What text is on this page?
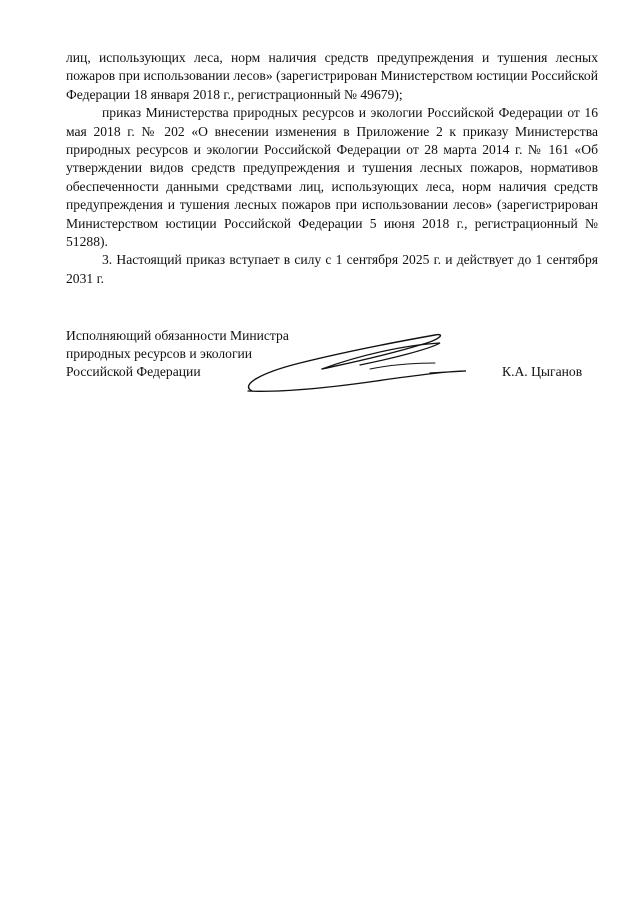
лиц, использующих леса, норм наличия средств предупреждения и тушения лесных пожаров при использовании лесов» (зарегистрирован Министерством юстиции Российской Федерации 18 января 2018 г., регистрационный № 49679);

приказ Министерства природных ресурсов и экологии Российской Федерации от 16 мая 2018 г. № 202 «О внесении изменения в Приложение 2 к приказу Министерства природных ресурсов и экологии Российской Федерации от 28 марта 2014 г. № 161 «Об утверждении видов средств предупреждения и тушения лесных пожаров, нормативов обеспеченности данными средствами лиц, использующих леса, норм наличия средств предупреждения и тушения лесных пожаров при использовании лесов» (зарегистрирован Министерством юстиции Российской Федерации 5 июня 2018 г., регистрационный № 51288).

3. Настоящий приказ вступает в силу с 1 сентября 2025 г. и действует до 1 сентября 2031 г.

Исполняющий обязанности Министра
природных ресурсов и экологии
Российской Федерации	К.А. Цыганов
